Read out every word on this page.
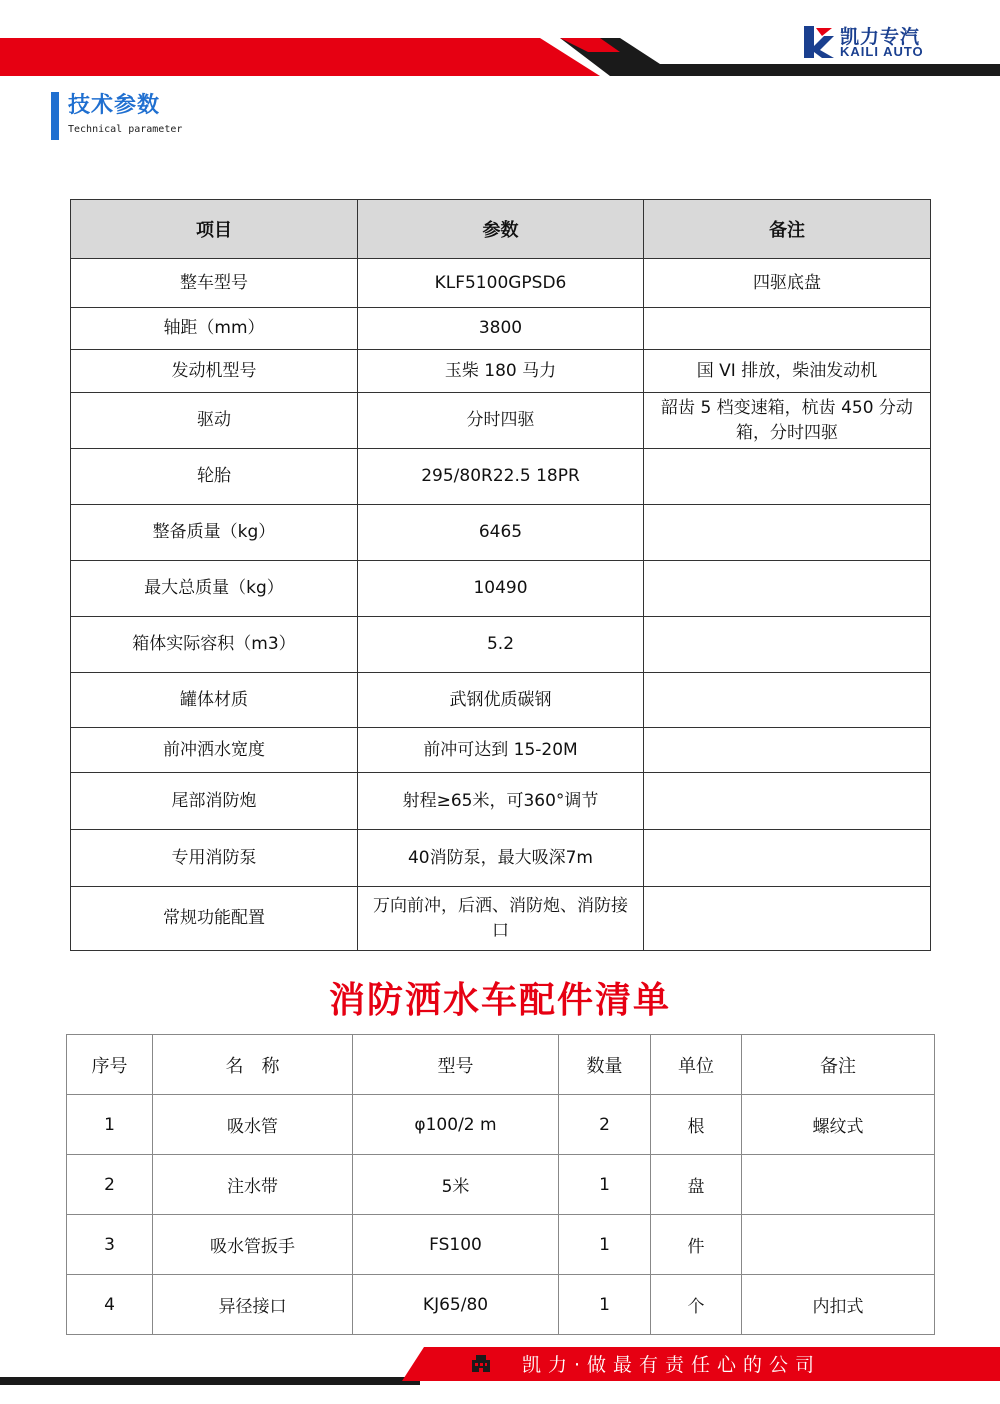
凯力专汽
KAILI AUTO
技术参数
Technical parameter
项目	参数	备注
整车型号	KLF5100GPSD6	四驱底盘
轴距（mm）	3800	
发动机型号	玉柴 180 马力	国 VI 排放，柴油发动机
驱动	分时四驱	韶齿 5 档变速箱，杭齿 450 分动箱，分时四驱
轮胎	295/80R22.5 18PR	
整备质量（kg）	6465	
最大总质量（kg）	10490	
箱体实际容积（m3）	5.2	
罐体材质	武钢优质碳钢	
前冲洒水宽度	前冲可达到 15-20M	
尾部消防炮	射程≥65米，可360°调节	
专用消防泵	40消防泵，最大吸深7m	
常规功能配置	万向前冲，后洒、消防炮、消防接口	
消防洒水车配件清单
序号	名　称	型号	数量	单位	备注
1	吸水管	φ100/2 m	2	根	螺纹式
2	注水带	5米	1	盘	
3	吸水管扳手	FS100	1	件	
4	异径接口	KJ65/80	1	个	内扣式
凯力·做最有责任心的公司
